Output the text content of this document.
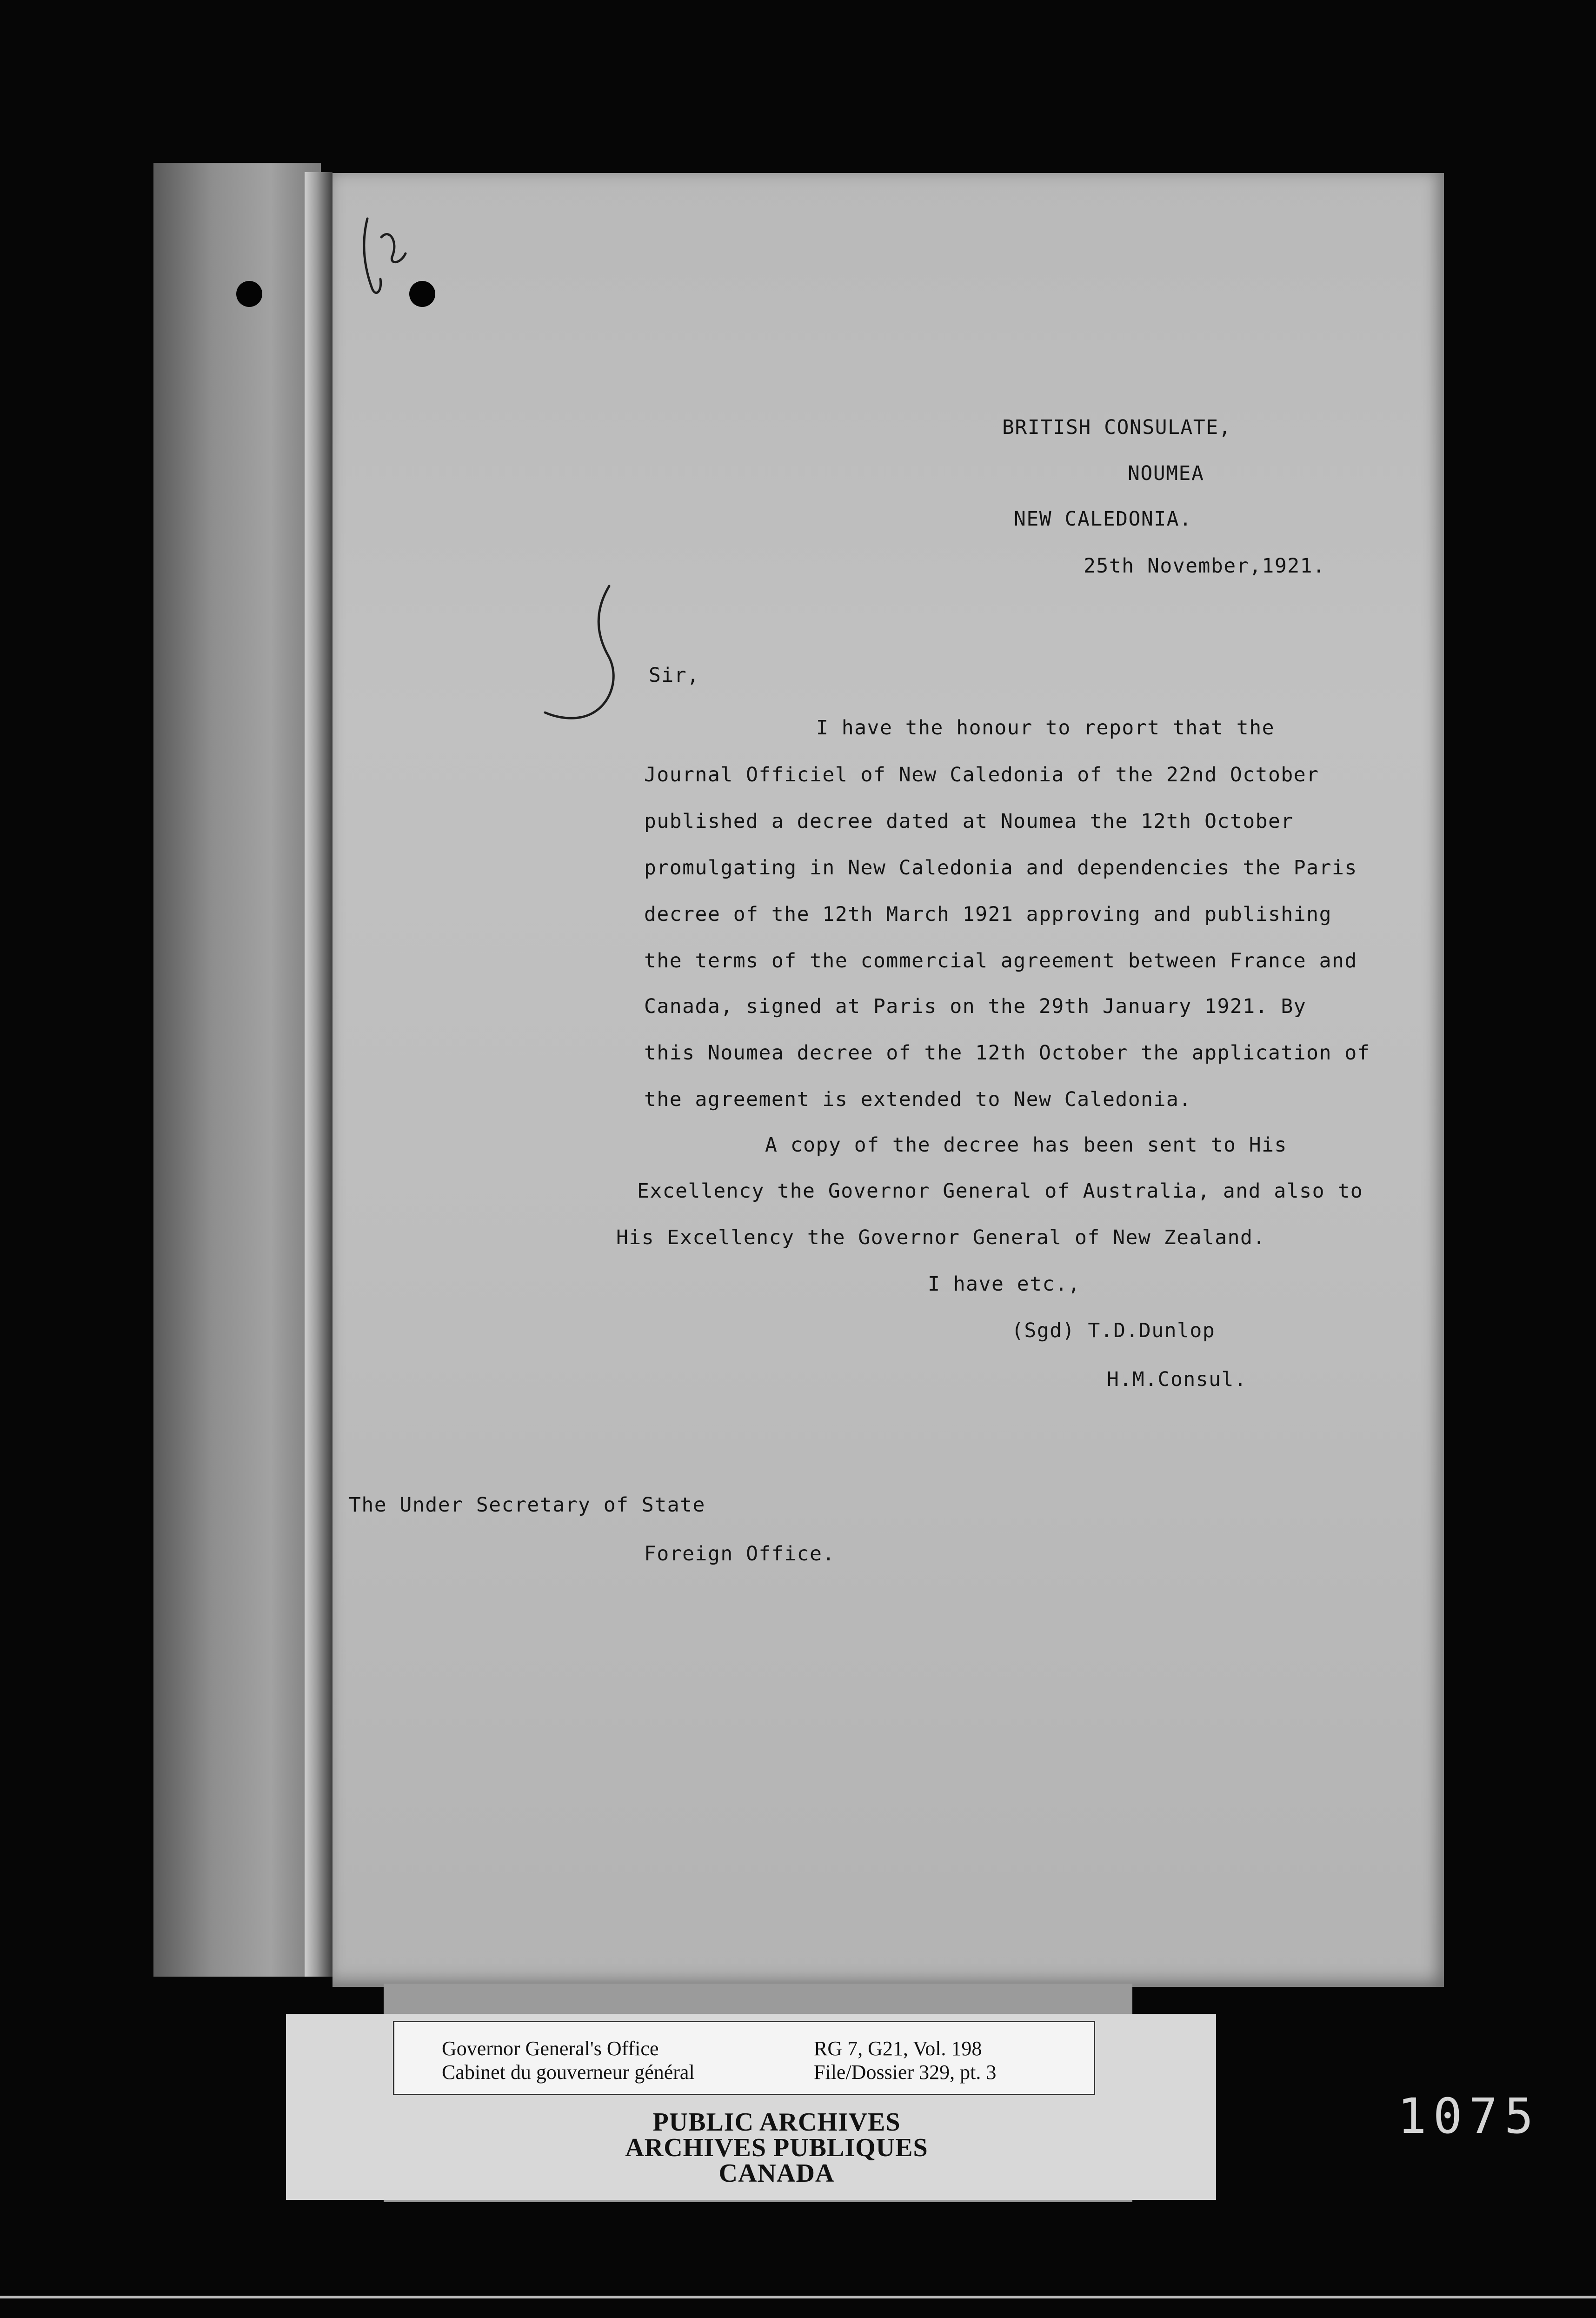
BRITISH CONSULATE,
NOUMEA
NEW CALEDONIA.
25th November,1921.
Sir,
I have the honour to report that the
Journal Officiel of New Caledonia of the 22nd October
published a decree dated at Noumea the 12th October
promulgating in New Caledonia and dependencies the Paris
decree of the 12th March 1921 approving and publishing
the terms of the commercial agreement between France and
Canada, signed at Paris on the 29th January 1921. By
this Noumea decree of the 12th October the application of
the agreement is extended to New Caledonia.
A copy of the decree has been sent to His
Excellency the Governor General of Australia, and also to
His Excellency the Governor General of New Zealand.
I have etc.,
(Sgd) T.D.Dunlop
H.M.Consul.
The Under Secretary of State
Foreign Office.
Governor General's Office
Cabinet du gouverneur général
RG 7, G21, Vol. 198
File/Dossier 329, pt. 3
PUBLIC ARCHIVES
ARCHIVES PUBLIQUES
CANADA
1075
